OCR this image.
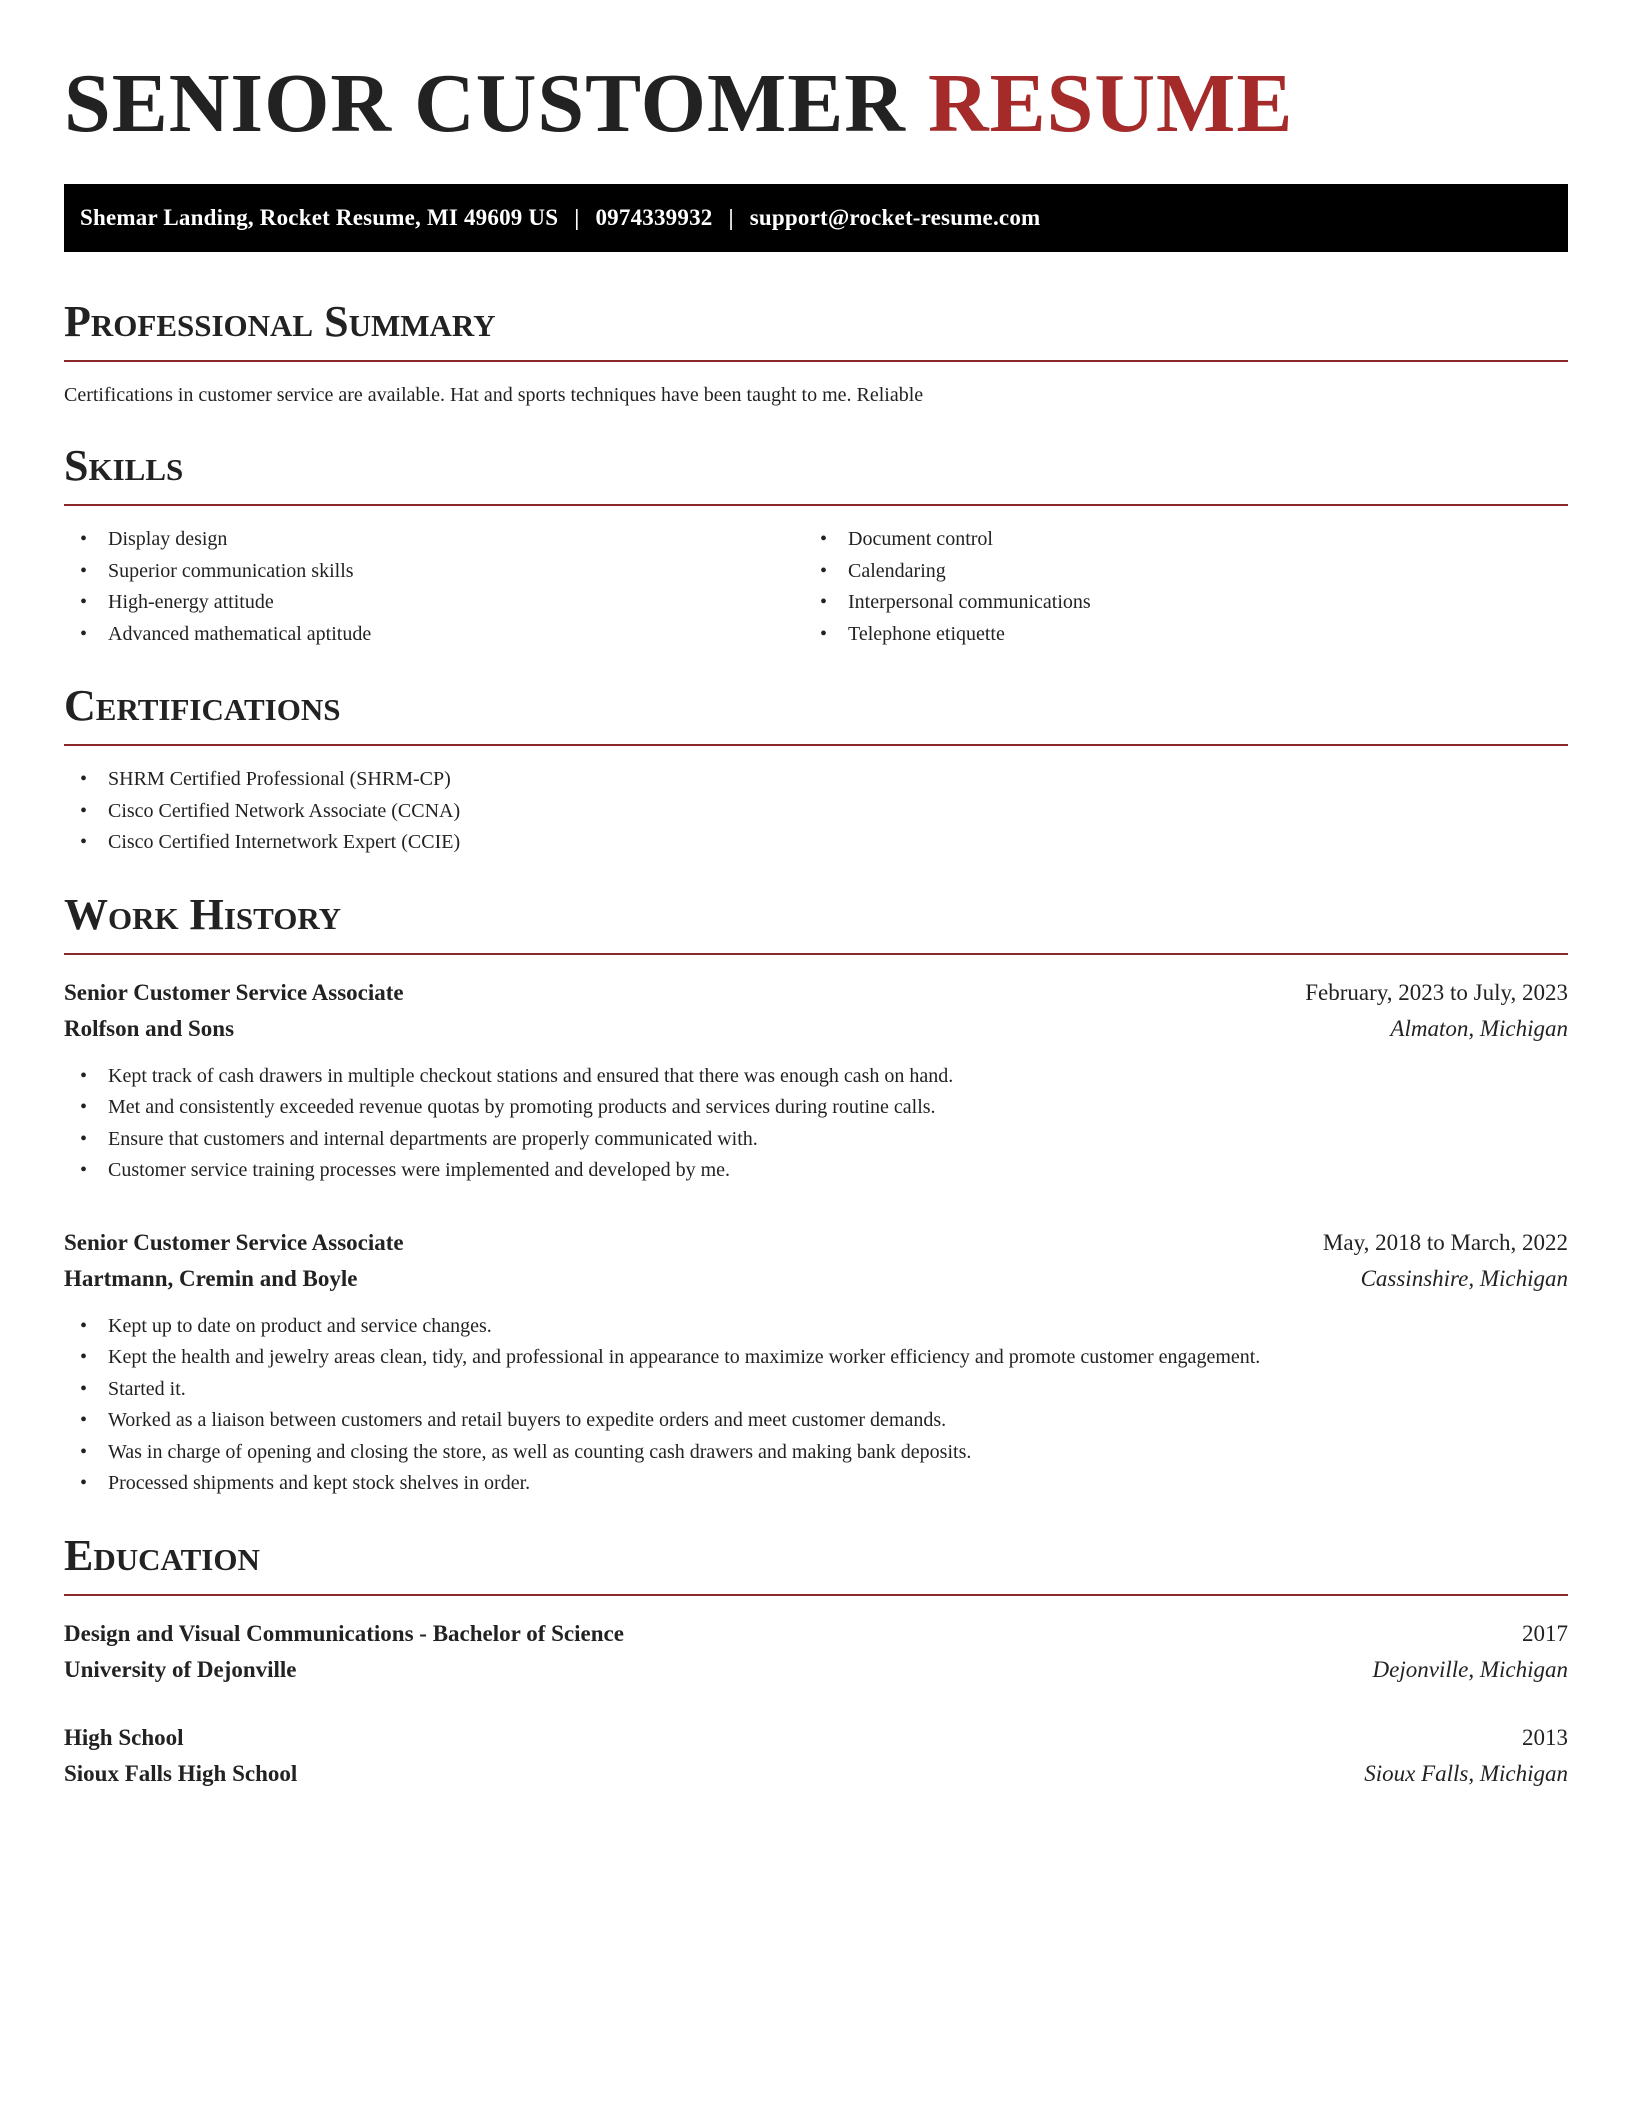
SENIOR CUSTOMER RESUME
Shemar Landing, Rocket Resume, MI 49609 US | 0974339932 | support@rocket-resume.com
Professional Summary

Certifications in customer service are available. Hat and sports techniques have been taught to me. Reliable

Skills
• Display design
• Superior communication skills
• High-energy attitude
• Advanced mathematical aptitude
• Document control
• Calendaring
• Interpersonal communications
• Telephone etiquette
Certifications
• SHRM Certified Professional (SHRM-CP)
• Cisco Certified Network Associate (CCNA)
• Cisco Certified Internetwork Expert (CCIE)
Work History
Senior Customer Service Associate	February, 2023 to July, 2023
Rolfson and Sons	Almaton, Michigan
• Kept track of cash drawers in multiple checkout stations and ensured that there was enough cash on hand.
• Met and consistently exceeded revenue quotas by promoting products and services during routine calls.
• Ensure that customers and internal departments are properly communicated with.
• Customer service training processes were implemented and developed by me.
Senior Customer Service Associate	May, 2018 to March, 2022
Hartmann, Cremin and Boyle	Cassinshire, Michigan
• Kept up to date on product and service changes.
• Kept the health and jewelry areas clean, tidy, and professional in appearance to maximize worker efficiency and promote customer engagement.
• Started it.
• Worked as a liaison between customers and retail buyers to expedite orders and meet customer demands.
• Was in charge of opening and closing the store, as well as counting cash drawers and making bank deposits.
• Processed shipments and kept stock shelves in order.
Education
Design and Visual Communications - Bachelor of Science	2017
University of Dejonville	Dejonville, Michigan
High School	2013
Sioux Falls High School	Sioux Falls, Michigan
